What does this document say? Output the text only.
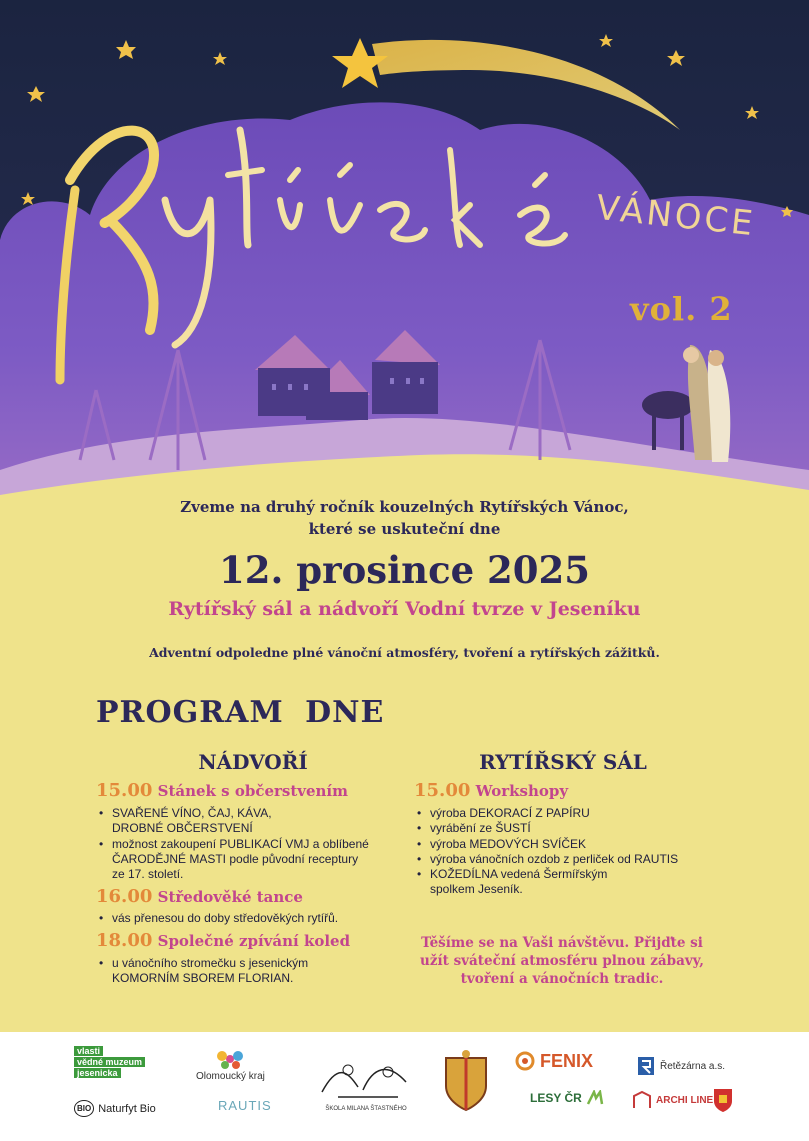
VÁNOCE
vol. 2
Zveme na druhý ročník kouzelných Rytířských Vánoc,
které se uskuteční dne
12. prosince 2025
Rytířský sál a nádvoří Vodní tvrze v Jeseníku
Adventní odpoledne plné vánoční atmosféry, tvoření a rytířských zážitků.
PROGRAM DNE
NÁDVOŘÍ
15.00 Stánek s občerstvením
• SVAŘENÉ VÍNO, ČAJ, KÁVA,
DROBNÉ OBČERSTVENÍ
• možnost zakoupení PUBLIKACÍ VMJ a oblíbené
ČARODĚJNÉ MASTI podle původní receptury
ze 17. století.
16.00 Středověké tance
• vás přenesou do doby středověkých rytířů.
18.00 Společné zpívání koled
• u vánočního stromečku s jesenickým
KOMORNÍM SBOREM FLORIAN.
RYTÍŘSKÝ SÁL
15.00 Workshopy
• výroba DEKORACÍ Z PAPÍRU
• vyrábění ze ŠUSTÍ
• výroba MEDOVÝCH SVÍČEK
• výroba vánočních ozdob z perliček od RAUTIS
• KOŽEDÍLNA vedená Šermířským
spolkem Jeseník.
Těšíme se na Vaši návštěvu. Přijďte si
užít sváteční atmosféru plnou zábavy,
tvoření a vánočních tradic.
vlasti
vědné muzeum
jesenicka
BIO Naturfyt Bio
Olomoucký kraj
RAUTIS	ŠKOLA MILANA ŠTASTNÉHO
FENIX
LESY ČR
Řetězárna a.s.
ARCHI LINE
